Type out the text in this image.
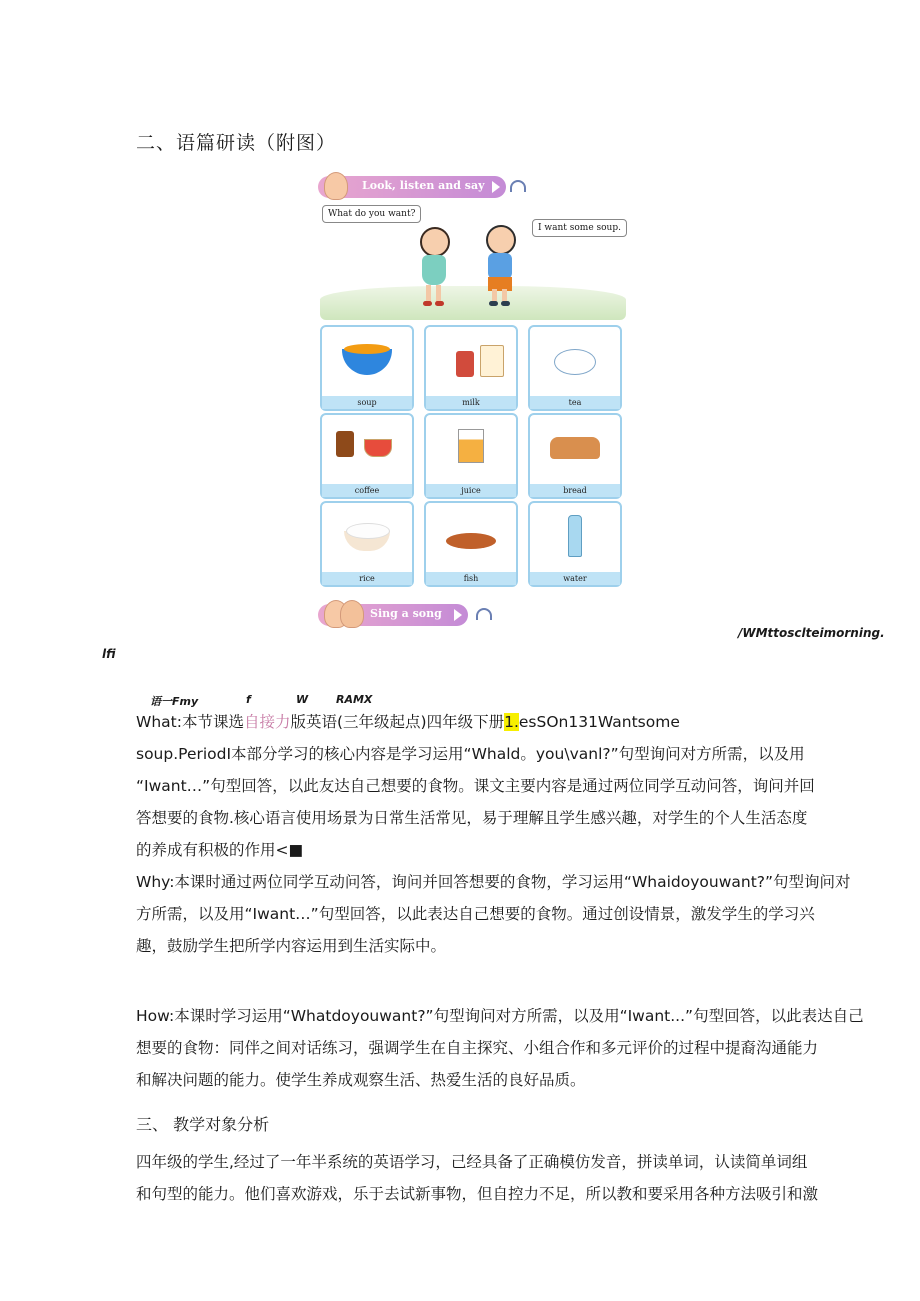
二、语篇研读（附图）
Look, listen and say
What do you want?
I want some soup.
soup	milk	tea
coffee	juice	bread
rice	fish	water
Sing a song
/WMttosclteimorning.
lfi
语一Fmy	f	W	RAMX
What:本节课选自接力版英语(三年级起点)四年级下册1.esSOn131Wantsome
soup.PeriodI本部分学习的核心内容是学习运用“Whald。you\vanl?”句型询问对方所需，以及用
“Iwant…”句型回答，以此友达自己想要的食物。课文主要内容是通过两位同学互动问答，询问并回
答想要的食物.核心语言使用场景为日常生活常见，易于理解且学生感兴趣，对学生的个人生活态度
的养成有积极的作用<■
Why:本课时通过两位同学互动问答，询问并回答想要的食物，学习运用“Whaidoyouwant?”句型询问对
方所需，以及用“Iwant…”句型回答，以此表达自己想要的食物。通过创设情景，激发学生的学习兴
趣，鼓励学生把所学内容运用到生活实际中。
How:本课时学习运用“Whatdoyouwant?”句型询问对方所需，以及用“Iwant...”句型回答，以此表达自己
想要的食物：同伴之间对话练习，强调学生在自主探究、小组合作和多元评价的过程中提裔沟通能力
和解决问题的能力。使学生养成观察生活、热爱生活的良好品质。
三、 教学对象分析
四年级的学生,经过了一年半系统的英语学习，己经具备了正确模仿发音，拼读单词，认读简单词组
和句型的能力。他们喜欢游戏，乐于去试新事物，但自控力不足，所以教和要采用各种方法吸引和激
